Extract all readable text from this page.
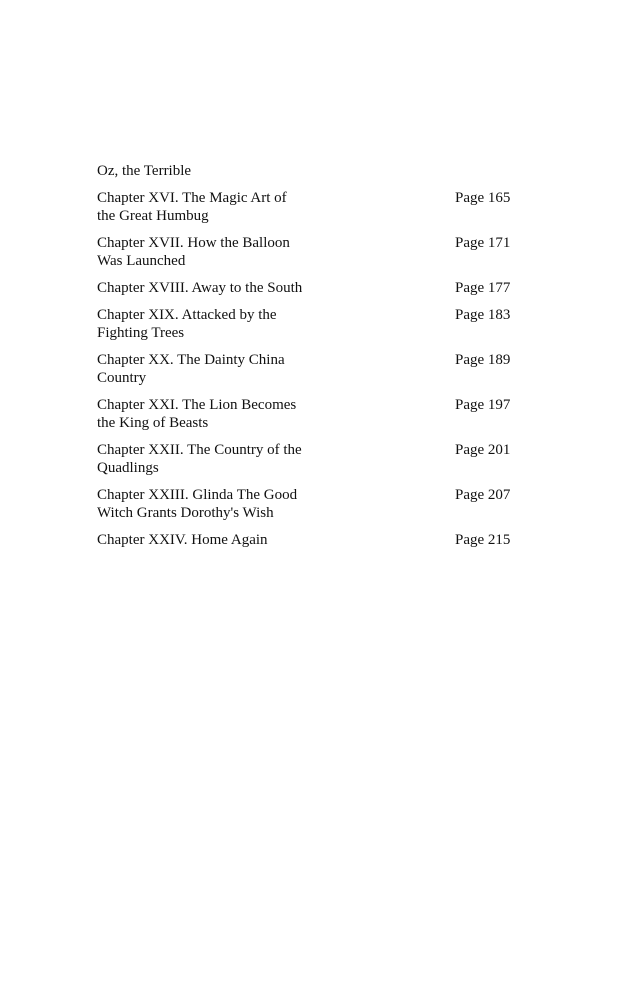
Oz, the Terrible
Chapter XVI. The Magic Art of the Great Humbug
Page 165
Chapter XVII. How the Balloon Was Launched
Page 171
Chapter XVIII. Away to the South	Page 177
Chapter XIX. Attacked by the Fighting Trees
Page 183
Chapter XX. The Dainty China Country
Page 189
Chapter XXI. The Lion Becomes the King of Beasts
Page 197
Chapter XXII. The Country of the Quadlings
Page 201
Chapter XXIII. Glinda The Good Witch Grants Dorothy's Wish
Page 207
Chapter XXIV. Home Again	Page 215
